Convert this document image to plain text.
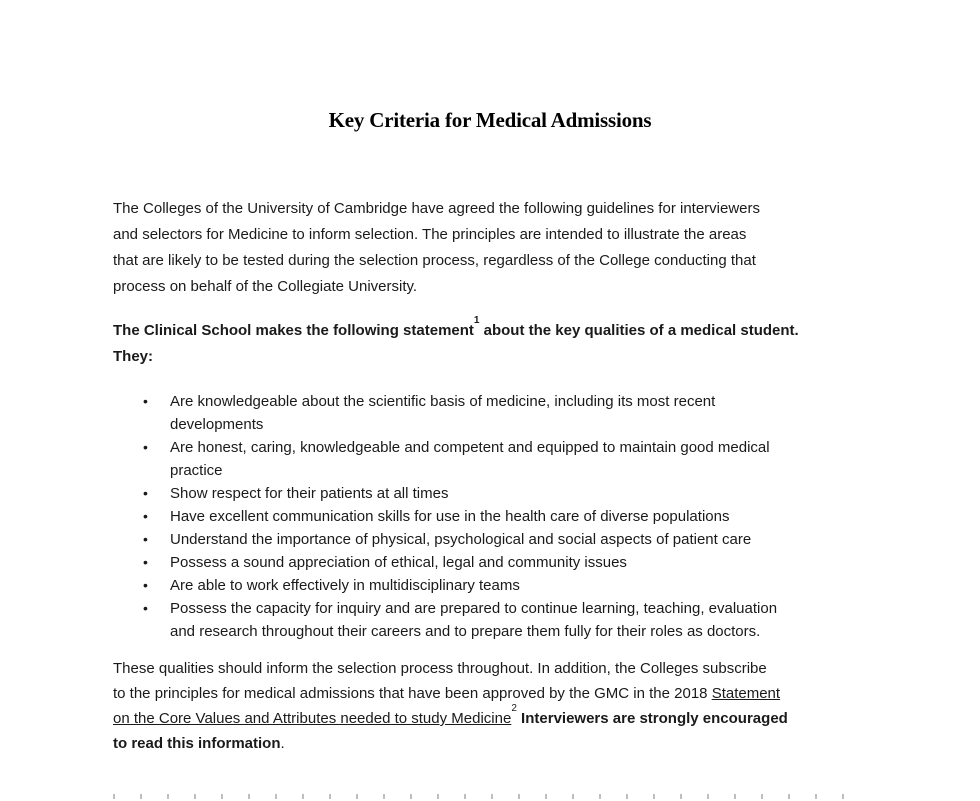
Key Criteria for Medical Admissions
The Colleges of the University of Cambridge have agreed the following guidelines for interviewers
and selectors for Medicine to inform selection. The principles are intended to illustrate the areas
that are likely to be tested during the selection process, regardless of the College conducting that
process on behalf of the Collegiate University.
The Clinical School makes the following statement$^1$ about the key qualities of a medical student.
They:
•	Are knowledgeable about the scientific basis of medicine, including its most recent
developments
•	Are honest, caring, knowledgeable and competent and equipped to maintain good medical
practice
•	Show respect for their patients at all times
•	Have excellent communication skills for use in the health care of diverse populations
•	Understand the importance of physical, psychological and social aspects of patient care
•	Possess a sound appreciation of ethical, legal and community issues
•	Are able to work effectively in multidisciplinary teams
•	Possess the capacity for inquiry and are prepared to continue learning, teaching, evaluation
and research throughout their careers and to prepare them fully for their roles as doctors.
These qualities should inform the selection process throughout. In addition, the Colleges subscribe
to the principles for medical admissions that have been approved by the GMC in the 2018 Statement
on the Core Values and Attributes needed to study Medicine$^2$ Interviewers are strongly encouraged
to read this information.
